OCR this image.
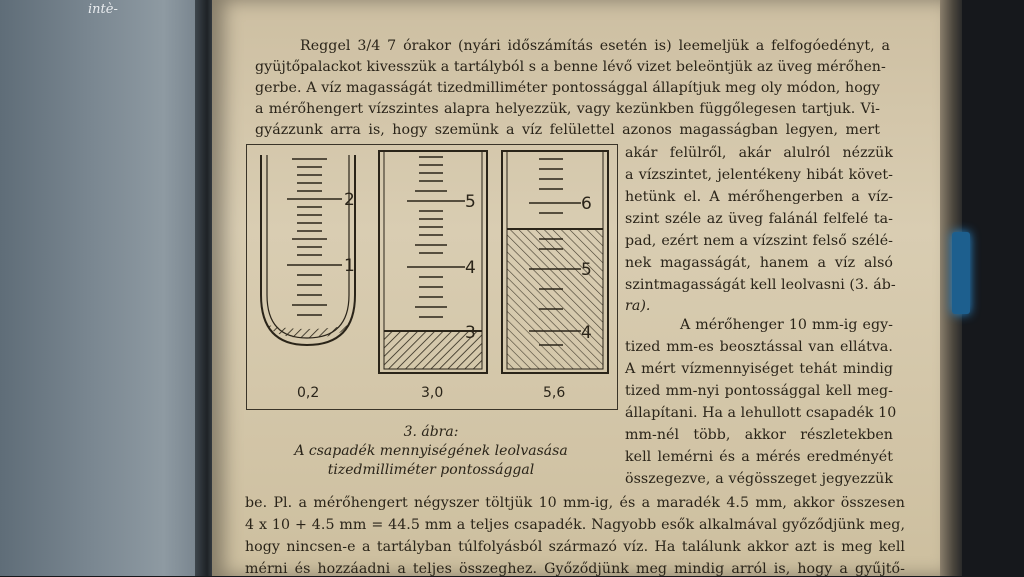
intè-
Reggel 3/4 7 órakor (nyári időszámítás esetén is) leemeljük a felfogóedényt, a
gyüjtőpalackot kivesszük a tartályból s a benne lévő vizet beleöntjük az üveg mérőhen-
gerbe. A víz magasságát tizedmilliméter pontossággal állapítjuk meg oly módon, hogy
a mérőhengert vízszintes alapra helyezzük, vagy kezünkben függőlegesen tartjuk. Vi-
gyázzunk arra is, hogy szemünk a víz felülettel azonos magasságban legyen, mert
2
1
0,2
5
4
3
3,0
6
5
4
5,6
3. ábra:
A csapadék mennyiségének leolvasása
tizedmilliméter pontossággal
akár felülről, akár alulról nézzük
a vízszintet, jelentékeny hibát követ-
hetünk el. A mérőhengerben a víz-
szint széle az üveg falánál felfelé ta-
pad, ezért nem a vízszint felső szélé-
nek magasságát, hanem a víz alsó
szintmagasságát kell leolvasni (3. áb-
ra).
A mérőhenger 10 mm-ig egy-
tized mm-es beosztással van ellátva.
A mért vízmennyiséget tehát mindig
tized mm-nyi pontossággal kell meg-
állapítani. Ha a lehullott csapadék 10
mm-nél több, akkor részletekben
kell lemérni és a mérés eredményét
összegezve, a végösszeget jegyezzük
be. Pl. a mérőhengert négyszer töltjük 10 mm-ig, és a maradék 4.5 mm, akkor összesen
4 x 10 + 4.5 mm = 44.5 mm a teljes csapadék. Nagyobb esők alkalmával győződjünk meg,
hogy nincsen-e a tartályban túlfolyásból származó víz. Ha találunk akkor azt is meg kell
mérni és hozzáadni a teljes összeghez. Győződjünk meg mindig arról is, hogy a gyűjtő-
